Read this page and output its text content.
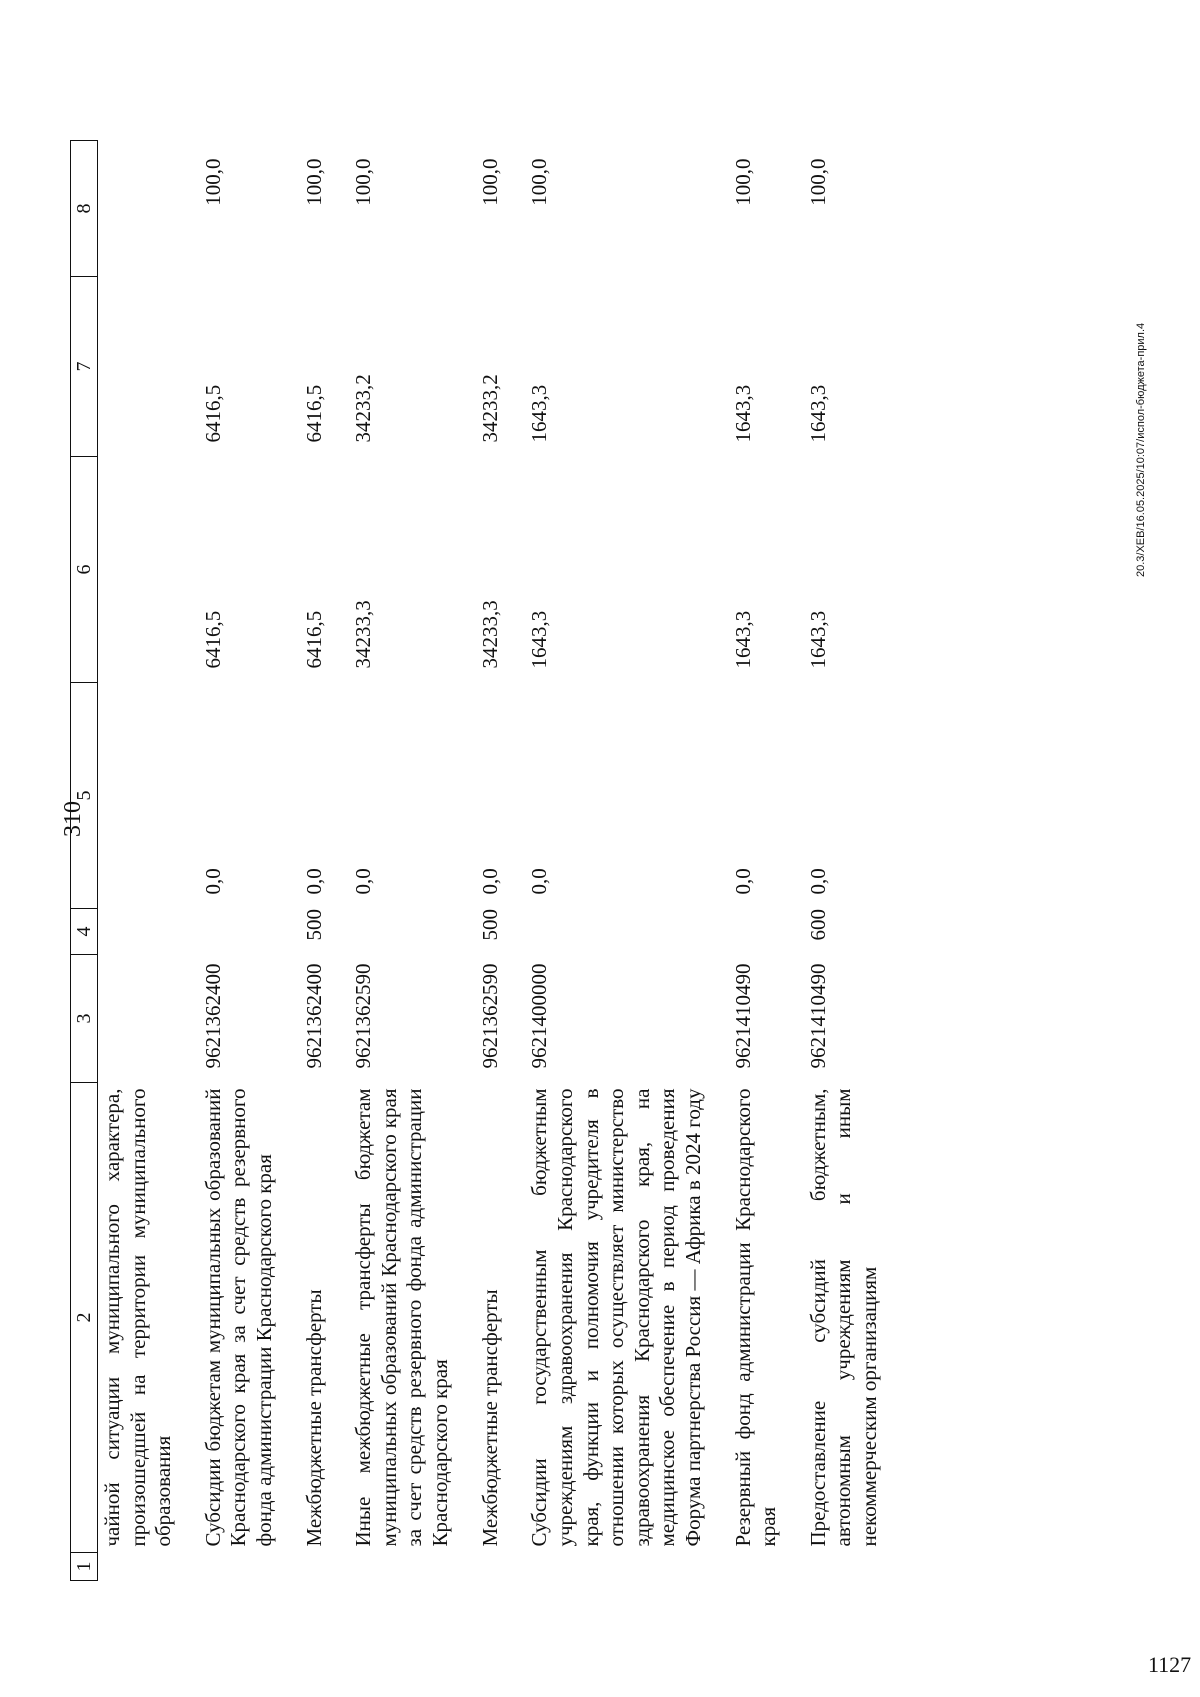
310
1	2	3	4	5	6	7	8
	чайной ситуации муниципального характера, произошедшей на территории муниципального образования						
	Субсидии бюджетам муниципальных образований Краснодарского края за счет средств резервного фонда администрации Краснодарского края	9621362400		0,0	6416,5	6416,5	100,0
	Межбюджетные трансферты	9621362400	500	0,0	6416,5	6416,5	100,0
	Иные межбюджетные трансферты бюджетам муниципальных образований Краснодарского края за счет средств резервного фонда администрации Краснодарского края	9621362590		0,0	34233,3	34233,2	100,0
	Межбюджетные трансферты	9621362590	500	0,0	34233,3	34233,2	100,0
	Субсидии государственным бюджетным учреждениям здравоохранения Краснодарского края, функции и полномочия учредителя в отношении которых осуществляет министерство здравоохранения Краснодарского края, на медицинское обеспечение в период проведения Форума партнерства Россия — Африка в 2024 году	9621400000		0,0	1643,3	1643,3	100,0
	Резервный фонд администрации Краснодарского края	9621410490		0,0	1643,3	1643,3	100,0
	Предоставление субсидий бюджетным, автономным учреждениям и иным некоммерческим организациям	9621410490	600	0,0	1643,3	1643,3	100,0
20.3/ХЕВ/16.05.2025/10:07/испол-бюджета-прил.4
1127
